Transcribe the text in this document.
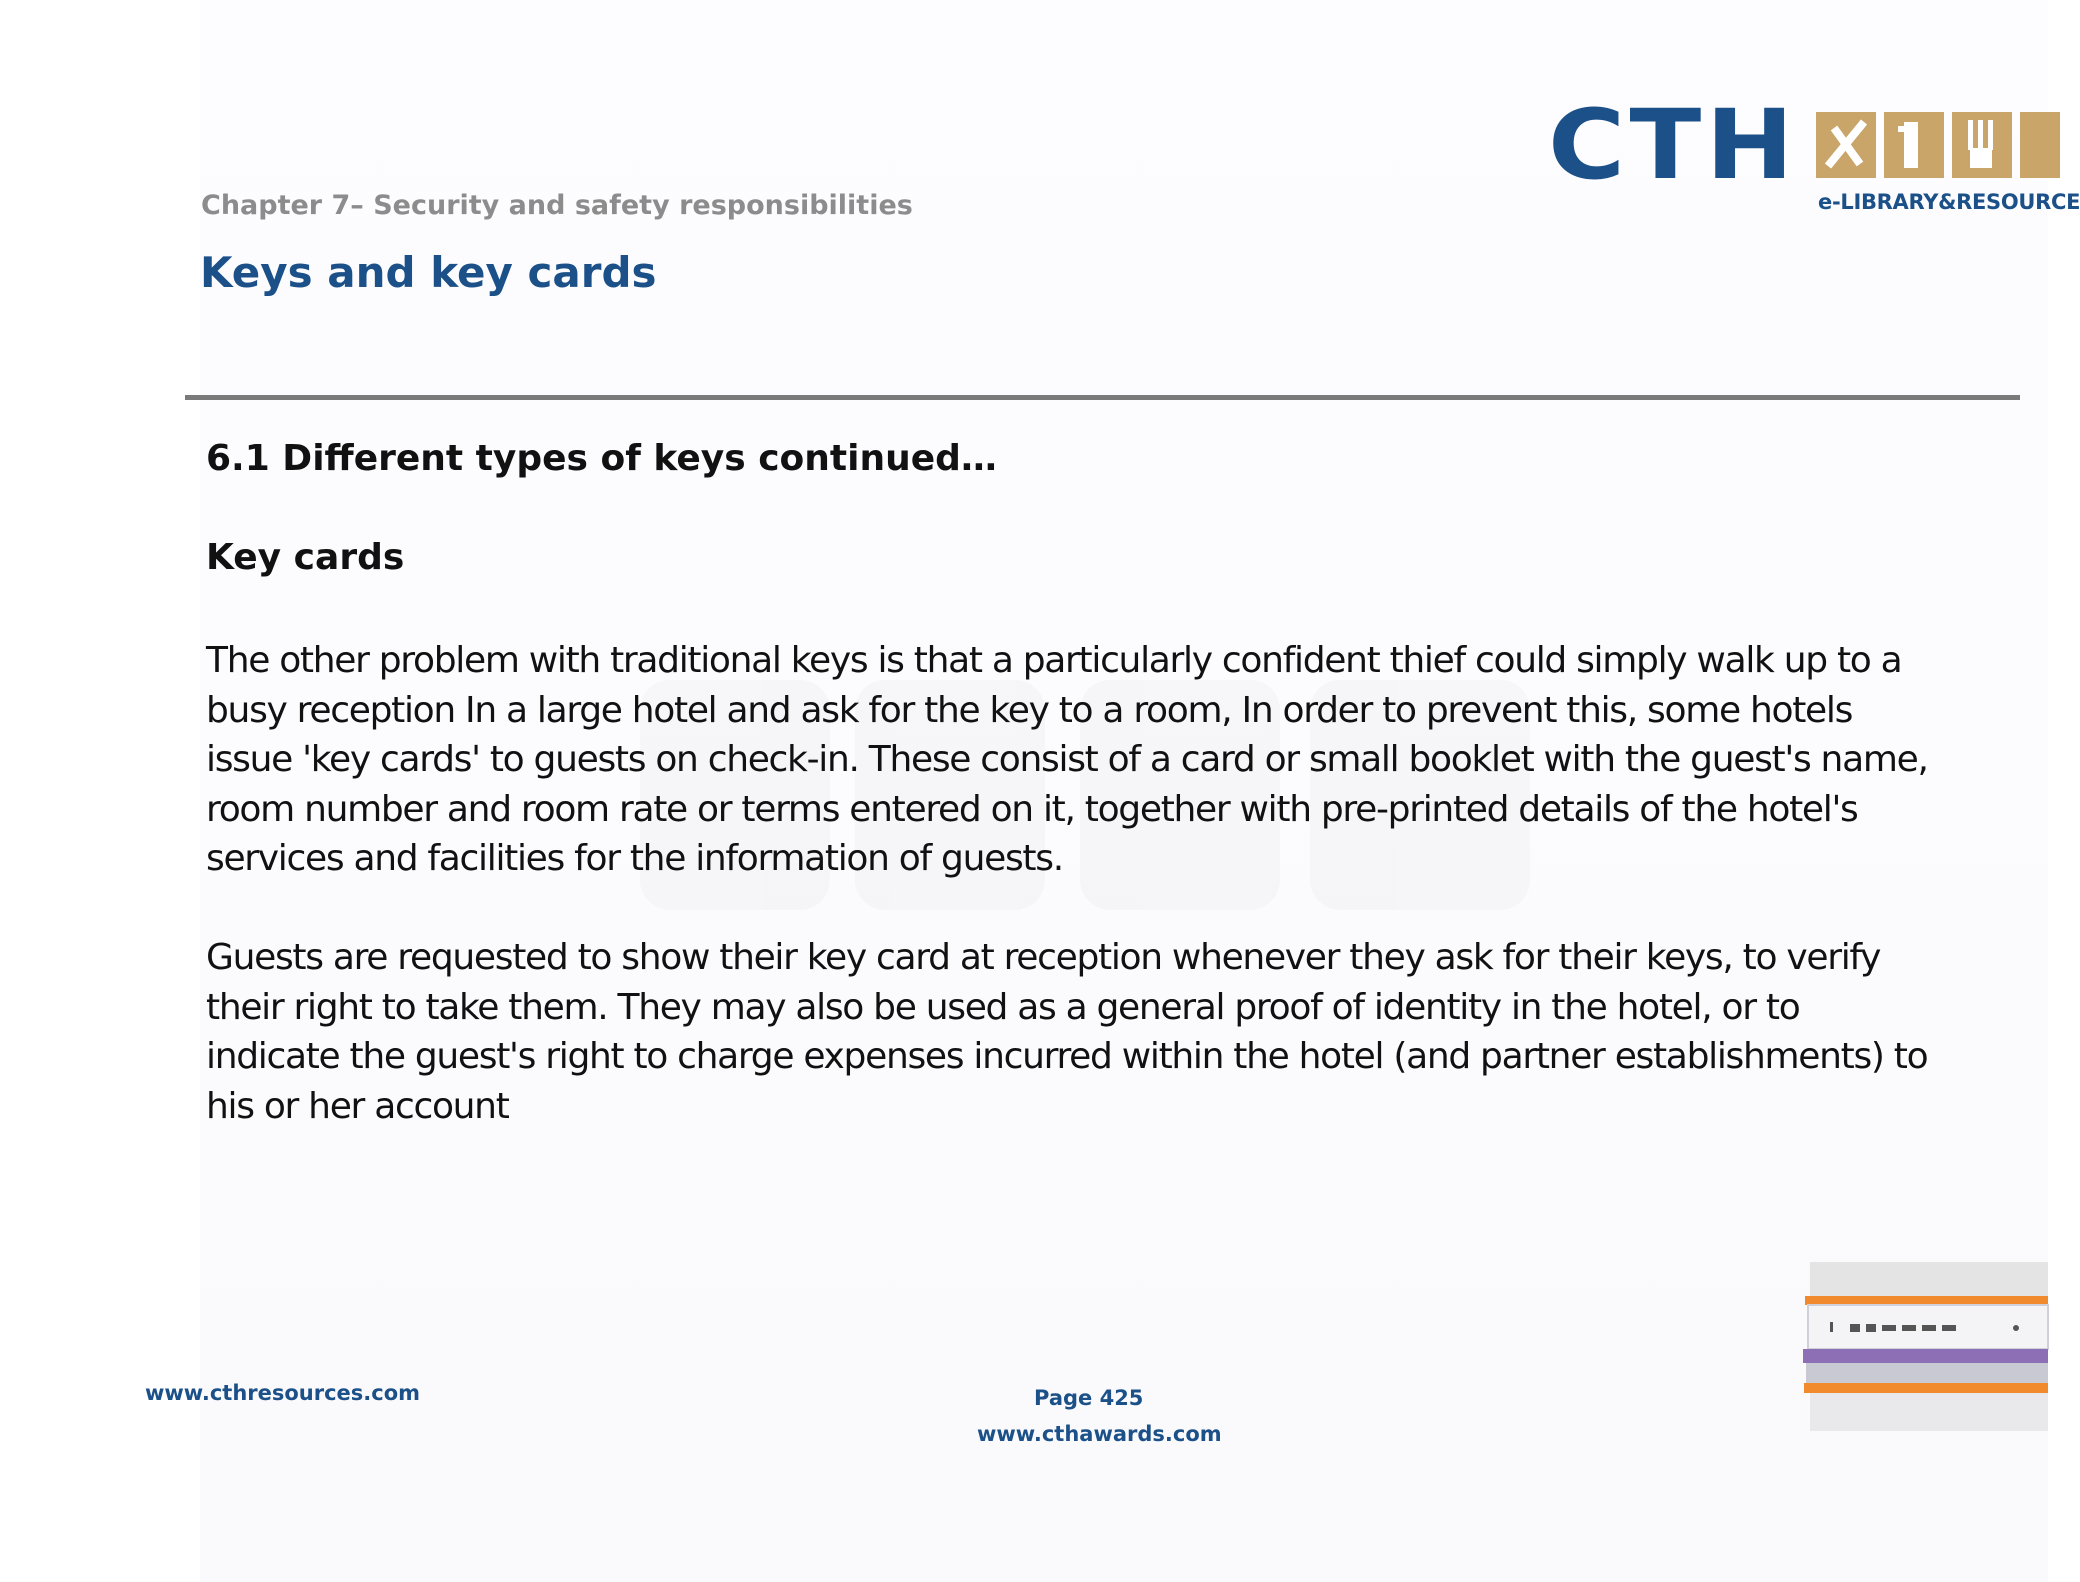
CTH
e-LIBRARY&RESOURCE
Chapter 7– Security and safety responsibilities
Keys and key cards
6.1 Different types of keys continued…
Key cards
The other problem with traditional keys is that a particularly confident thief could simply walk up to a
busy reception In a large hotel and ask for the key to a room, In order to prevent this, some hotels
issue 'key cards' to guests on check-in. These consist of a card or small booklet with the guest's name,
room number and room rate or terms entered on it, together with pre-printed details of the hotel's
services and facilities for the information of guests.
Guests are requested to show their key card at reception whenever they ask for their keys, to verify
their right to take them. They may also be used as a general proof of identity in the hotel, or to
indicate the guest's right to charge expenses incurred within the hotel (and partner establishments) to
his or her account
www.cthresources.com	Page 425
www.cthawards.com
